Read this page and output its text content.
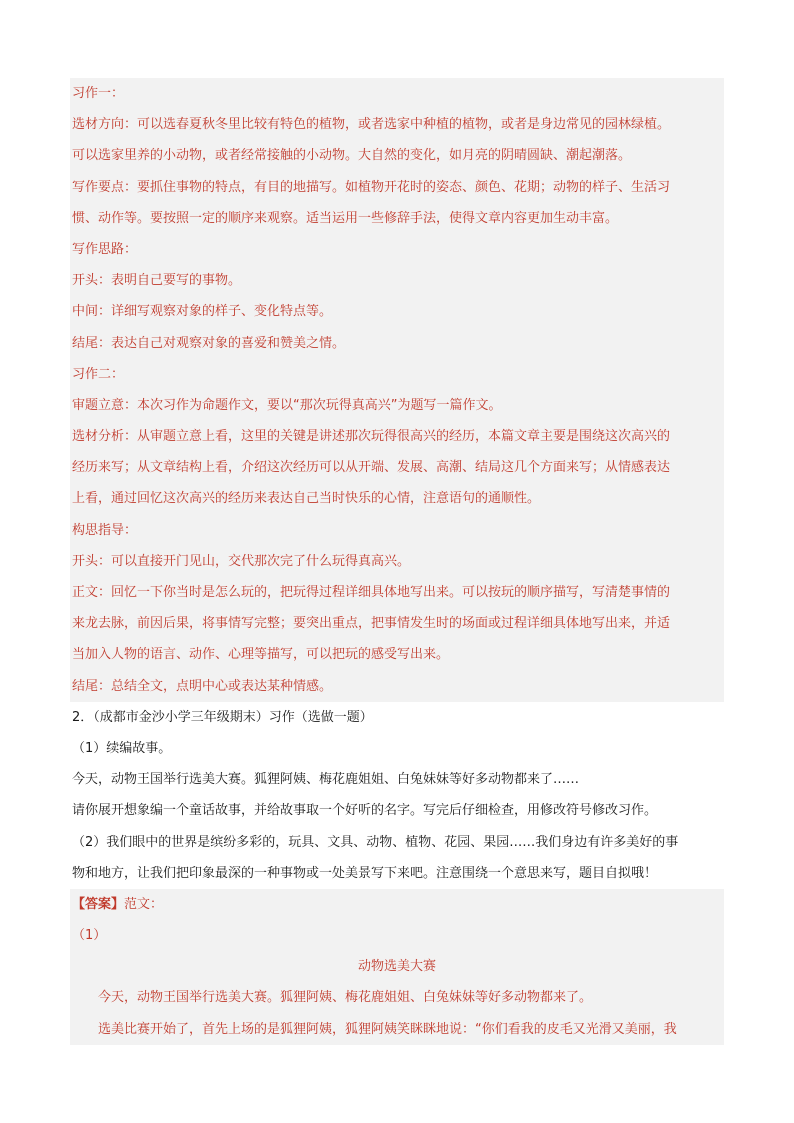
习作一：
选材方向：可以选春夏秋冬里比较有特色的植物，或者选家中种植的植物，或者是身边常见的园林绿植。
可以选家里养的小动物，或者经常接触的小动物。大自然的变化，如月亮的阴晴圆缺、潮起潮落。
写作要点：要抓住事物的特点，有目的地描写。如植物开花时的姿态、颜色、花期；动物的样子、生活习
惯、动作等。要按照一定的顺序来观察。适当运用一些修辞手法，使得文章内容更加生动丰富。
写作思路：
开头：表明自己要写的事物。
中间：详细写观察对象的样子、变化特点等。
结尾：表达自己对观察对象的喜爱和赞美之情。
习作二：
审题立意：本次习作为命题作文，要以“那次玩得真高兴”为题写一篇作文。
选材分析：从审题立意上看，这里的关键是讲述那次玩得很高兴的经历，本篇文章主要是围绕这次高兴的
经历来写；从文章结构上看，介绍这次经历可以从开端、发展、高潮、结局这几个方面来写；从情感表达
上看，通过回忆这次高兴的经历来表达自己当时快乐的心情，注意语句的通顺性。
构思指导：
开头：可以直接开门见山，交代那次完了什么玩得真高兴。
正文：回忆一下你当时是怎么玩的，把玩得过程详细具体地写出来。可以按玩的顺序描写，写清楚事情的
来龙去脉，前因后果，将事情写完整；要突出重点，把事情发生时的场面或过程详细具体地写出来，并适
当加入人物的语言、动作、心理等描写，可以把玩的感受写出来。
结尾：总结全文，点明中心或表达某种情感。
2．（成都市金沙小学三年级期末）习作（选做一题）
（1）续编故事。
今天，动物王国举行选美大赛。狐狸阿姨、梅花鹿姐姐、白兔妹妹等好多动物都来了……
请你展开想象编一个童话故事，并给故事取一个好听的名字。写完后仔细检查，用修改符号修改习作。
（2）我们眼中的世界是缤纷多彩的，玩具、文具、动物、植物、花园、果园……我们身边有许多美好的事
物和地方，让我们把印象最深的一种事物或一处美景写下来吧。注意围绕一个意思来写，题目自拟哦！
【答案】范文：
（1）
动物选美大赛
今天，动物王国举行选美大赛。狐狸阿姨、梅花鹿姐姐、白兔妹妹等好多动物都来了。
选美比赛开始了，首先上场的是狐狸阿姨，狐狸阿姨笑眯眯地说：“你们看我的皮毛又光滑又美丽，我
